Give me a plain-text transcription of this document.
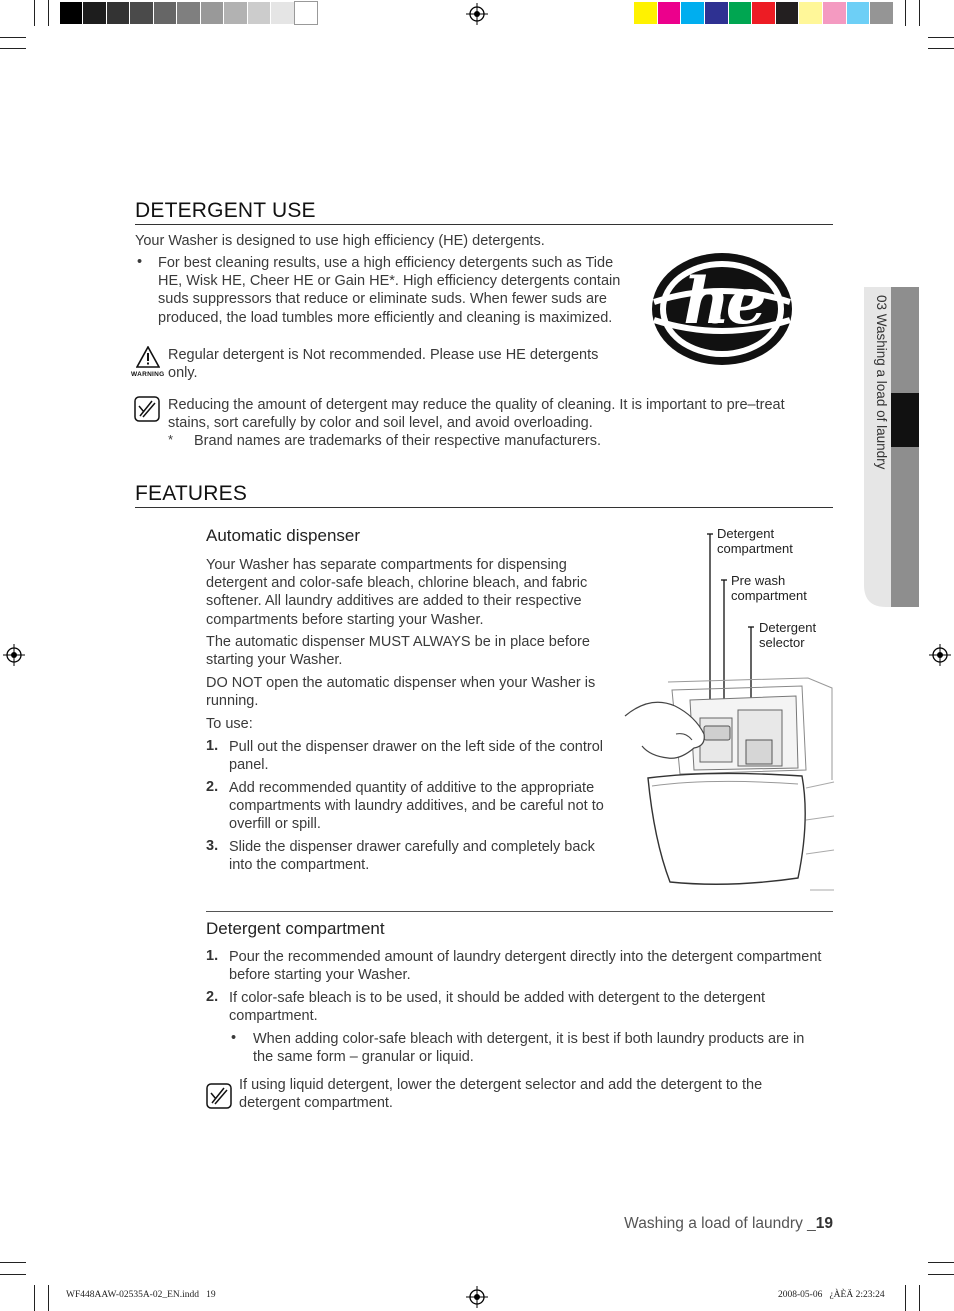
03 Washing a load of laundry
DETERGENT USE

Your Washer is designed to use high efficiency (HE) detergents.

• For best cleaning results, use a high efficiency detergents such as Tide HE, Wisk HE, Cheer HE or Gain HE*. High efficiency detergents contain suds suppressors that reduce or eliminate suds. When fewer suds are produced, the load tumbles more efficiently and cleaning is maximized. he
WARNING

Regular detergent is Not recommended. Please use HE detergents only.

Reducing the amount of detergent may reduce the quality of cleaning. It is important to pre–treat stains, sort carefully by color and soil level, and avoid overloading.

* Brand names are trademarks of their respective manufacturers.

FEATURES
Automatic dispenser

Your Washer has separate compartments for dispensing detergent and color-safe bleach, chlorine bleach, and fabric softener. All laundry additives are added to their respective compartments before starting your Washer.

The automatic dispenser MUST ALWAYS be in place before starting your Washer.

DO NOT open the automatic dispenser when your Washer is running.

To use:

1. Pull out the dispenser drawer on the left side of the control panel.

2. Add recommended quantity of additive to the appropriate compartments with laundry additives, and be careful not to overfill or spill.

3. Slide the dispenser drawer carefully and completely back into the compartment.

Detergent compartment
Pre wash compartment
Detergent selector
Detergent compartment
1. Pour the recommended amount of laundry detergent directly into the detergent compartment before starting your Washer.

2. If color-safe bleach is to be used, it should be added with detergent to the detergent compartment.

• When adding color-safe bleach with detergent, it is best if both laundry products are in the same form – granular or liquid.

If using liquid detergent, lower the detergent selector and add the detergent to the detergent compartment.

Washing a load of laundry _19
WF448AAW-02535A-02_EN.indd   19	2008-05-06   ¿ÀÈÄ 2:23:24
